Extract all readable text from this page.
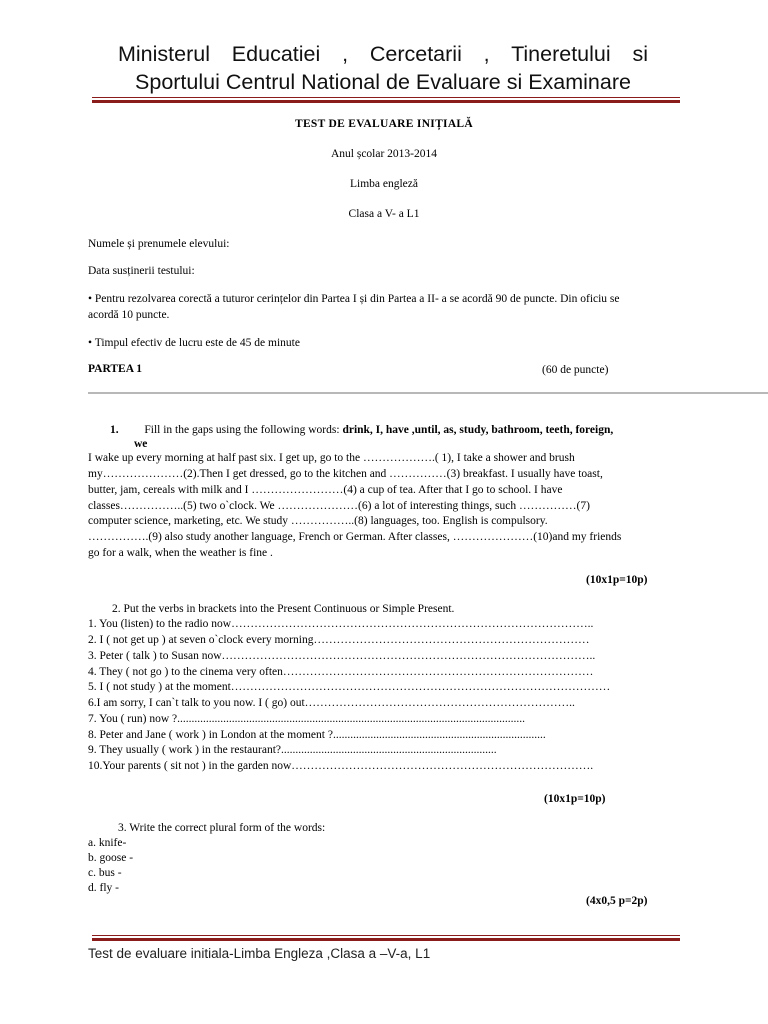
Ministerul Educatiei , Cercetarii , Tineretului si
Sportului Centrul National de Evaluare si Examinare
TEST DE EVALUARE INIȚIALĂ
Anul școlar 2013-2014
Limba engleză
Clasa a V- a L1
Numele și prenumele elevului:
Data susținerii testului:
• Pentru rezolvarea corectă a tuturor cerințelor din Partea I și din Partea a II- a se acordă 90 de puncte. Din oficiu se
acordă 10 puncte.
• Timpul efectiv de lucru este de 45 de minute
PARTEA 1	(60 de puncte)
1. Fill in the gaps using the following words: drink, I, have ,until, as, study, bathroom, teeth, foreign,
we
I wake up every morning at half past six. I get up, go to the ……………….( 1), I take a shower and brush
my…………………(2).Then I get dressed, go to the kitchen and ……………(3) breakfast. I usually have toast,
butter, jam, cereals with milk and I ……………………(4) a cup of tea. After that I go to school. I have
classes……………..(5) two o`clock. We …………………(6) a lot of interesting things, such ……………(7)
computer science, marketing, etc. We study ……………..(8) languages, too. English is compulsory.
…………….(9) also study another language, French or German. After classes, …………………(10)and my friends
go for a walk, when the weather is fine .
(10x1p=10p)
2. Put the verbs in brackets into the Present Continuous or Simple Present.
1. You (listen) to the radio now…………………………………………………………………………………..
2. I ( not get up ) at seven o`clock every morning………………………………………………………………
3. Peter ( talk ) to Susan now……………………………………………………………………………………..
4. They ( not go ) to the cinema very often………………………………………………………………………
5. I ( not study ) at the moment………………………………………………………………………………………
6.I am sorry, I can`t talk to you now. I ( go) out……………………………………………………………..
7. You ( run) now ?.........................................................................................................................
8. Peter and Jane ( work ) in London at the moment ?..........................................................................
9. They usually ( work ) in the restaurant?...........................................................................
10.Your parents ( sit not ) in the garden now…………………………………………………………………….
(10x1p=10p)
3. Write the correct plural form of the words:
a. knife-
b. goose -
c. bus -
d. fly -
(4x0,5 p=2p)
Test de evaluare initiala-Limba Engleza ,Clasa a –V-a, L1
